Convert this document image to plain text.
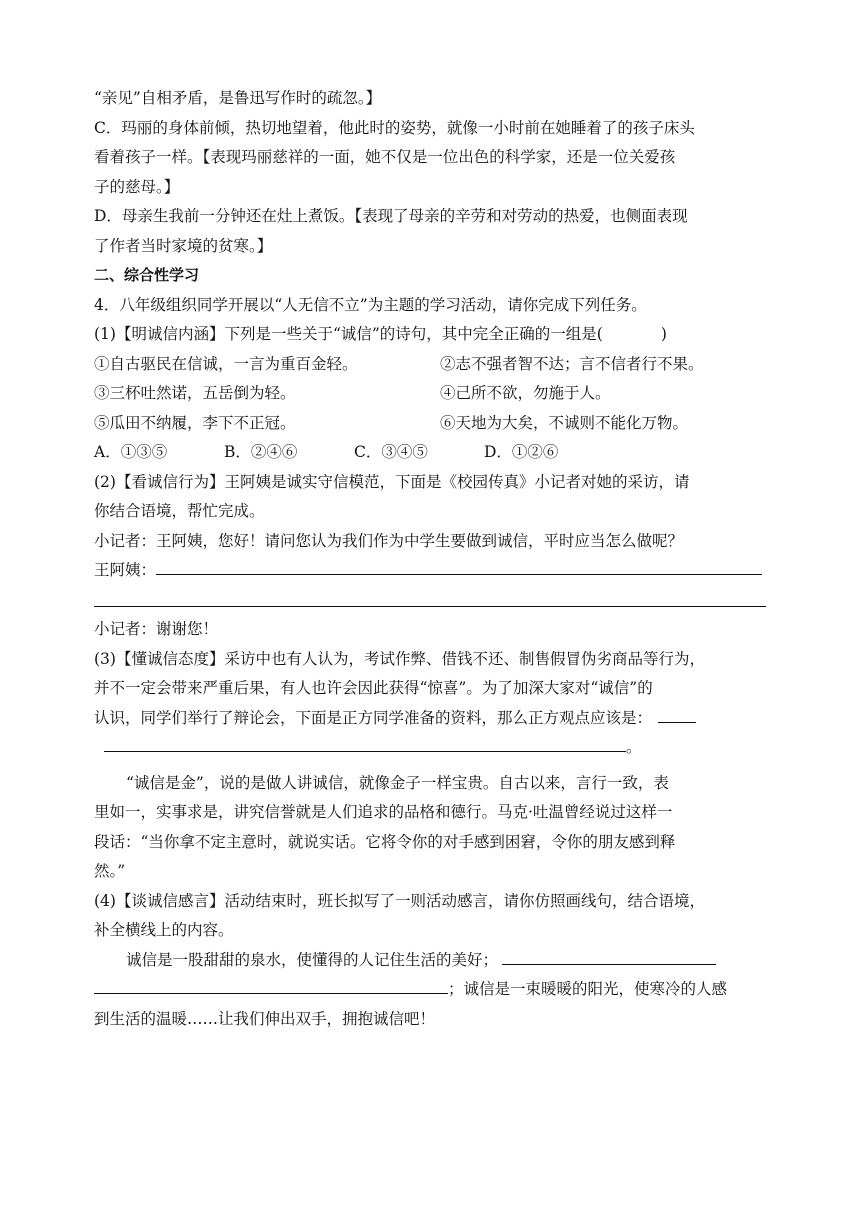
“亲见”自相矛盾，是鲁迅写作时的疏忽。】
C．玛丽的身体前倾，热切地望着，他此时的姿势，就像一小时前在她睡着了的孩子床头
看着孩子一样。【表现玛丽慈祥的一面，她不仅是一位出色的科学家，还是一位关爱孩
子的慈母。】
D．母亲生我前一分钟还在灶上煮饭。【表现了母亲的辛劳和对劳动的热爱，也侧面表现
了作者当时家境的贫寒。】
二、综合性学习
4．八年级组织同学开展以“人无信不立”为主题的学习活动，请你完成下列任务。
(1)【明诚信内涵】下列是一些关于“诚信”的诗句，其中完全正确的一组是(	)
①自古驱民在信诚，一言为重百金轻。	②志不强者智不达；言不信者行不果。
③三杯吐然诺，五岳倒为轻。	④己所不欲，勿施于人。
⑤瓜田不纳履，李下不正冠。	⑥天地为大矣，不诚则不能化万物。
A．①③⑤	B．②④⑥	C．③④⑤	D．①②⑥
(2)【看诚信行为】王阿姨是诚实守信模范，下面是《校园传真》小记者对她的采访，请
你结合语境，帮忙完成。
小记者：王阿姨，您好！请问您认为我们作为中学生要做到诚信，平时应当怎么做呢？
王阿姨：
小记者：谢谢您！
(3)【懂诚信态度】采访中也有人认为，考试作弊、借钱不还、制售假冒伪劣商品等行为，
并不一定会带来严重后果，有人也许会因此获得“惊喜”。为了加深大家对“诚信”的
认识，同学们举行了辩论会，下面是正方同学准备的资料，那么正方观点应该是：
。
“诚信是金”，说的是做人讲诚信，就像金子一样宝贵。自古以来，言行一致，表
里如一，实事求是，讲究信誉就是人们追求的品格和德行。马克·吐温曾经说过这样一
段话：“当你拿不定主意时，就说实话。它将令你的对手感到困窘，令你的朋友感到释
然。”
(4)【谈诚信感言】活动结束时，班长拟写了一则活动感言，请你仿照画线句，结合语境，
补全横线上的内容。
诚信是一股甜甜的泉水，使懂得的人记住生活的美好；
；诚信是一束暖暖的阳光，使寒冷的人感
到生活的温暖……让我们伸出双手，拥抱诚信吧！
